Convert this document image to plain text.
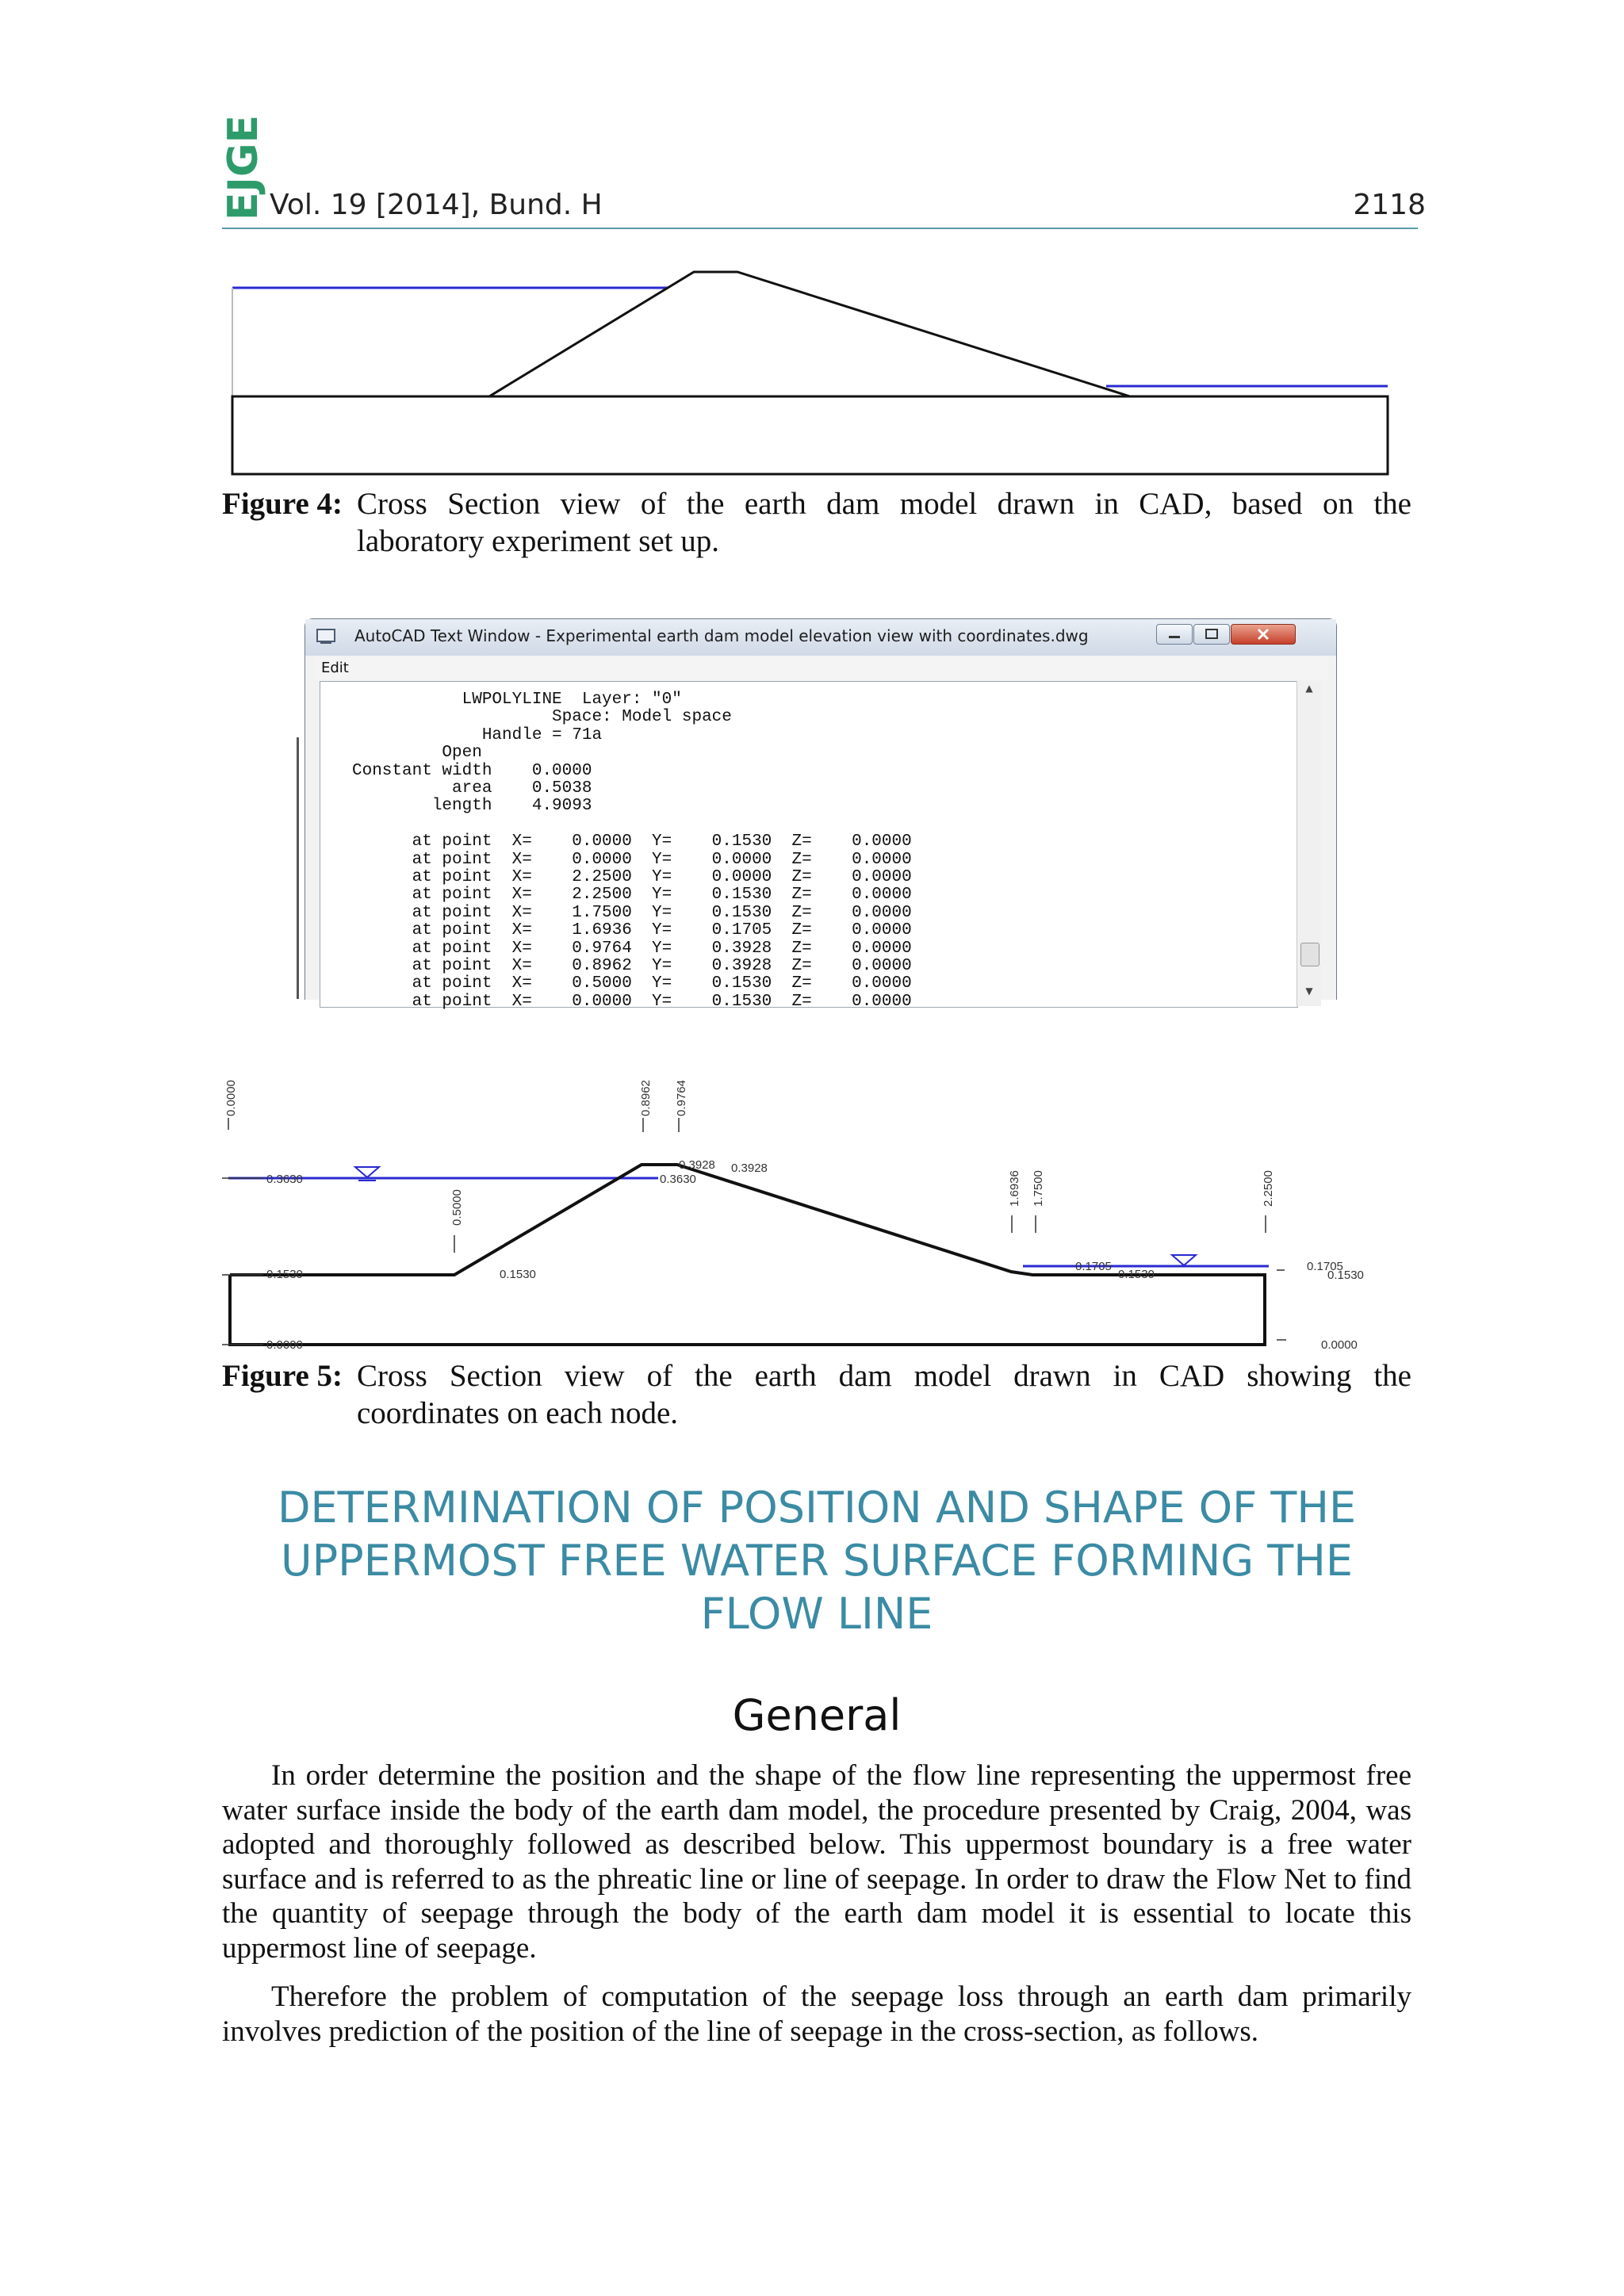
EJGE Vol. 19 [2014], Bund. H	2118
Figure 4: Cross Section view of the earth dam model drawn in CAD, based on the
laboratory experiment set up.
AutoCAD Text Window - Experimental earth dam model elevation view with coordinates.dwg
Edit
LWPOLYLINE  Layer: "0"
Space: Model space
Handle = 71a
Open
Constant width    0.0000
area    0.5038
length    4.9093
at point  X=    0.0000  Y=    0.1530  Z=    0.0000
at point  X=    0.0000  Y=    0.0000  Z=    0.0000
at point  X=    2.2500  Y=    0.0000  Z=    0.0000
at point  X=    2.2500  Y=    0.1530  Z=    0.0000
at point  X=    1.7500  Y=    0.1530  Z=    0.0000
at point  X=    1.6936  Y=    0.1705  Z=    0.0000
at point  X=    0.9764  Y=    0.3928  Z=    0.0000
at point  X=    0.8962  Y=    0.3928  Z=    0.0000
at point  X=    0.5000  Y=    0.1530  Z=    0.0000
at point  X=    0.0000  Y=    0.1530  Z=    0.0000
▲
▼
0.0000	0.8962 0.9764
0.5000
1.6936 1.7500	2.2500
0.3630	0.3630
0.3928 0.3928
0.1530	0.1530
0.1705
0.1530
0.1705
0.1530
0.0000	0.0000
Figure 5: Cross Section view of the earth dam model drawn in CAD showing the
coordinates on each node.
DETERMINATION OF POSITION AND SHAPE OF THE
UPPERMOST FREE WATER SURFACE FORMING THE
FLOW LINE
General
In order determine the position and the shape of the flow line representing the uppermost free water surface inside the body of the earth dam model, the procedure presented by Craig, 2004, was adopted and thoroughly followed as described below. This uppermost boundary is a free water surface and is referred to as the phreatic line or line of seepage. In order to draw the Flow Net to find the quantity of seepage through the body of the earth dam model it is essential to locate this uppermost line of seepage.
Therefore the problem of computation of the seepage loss through an earth dam primarily involves prediction of the position of the line of seepage in the cross-section, as follows.
